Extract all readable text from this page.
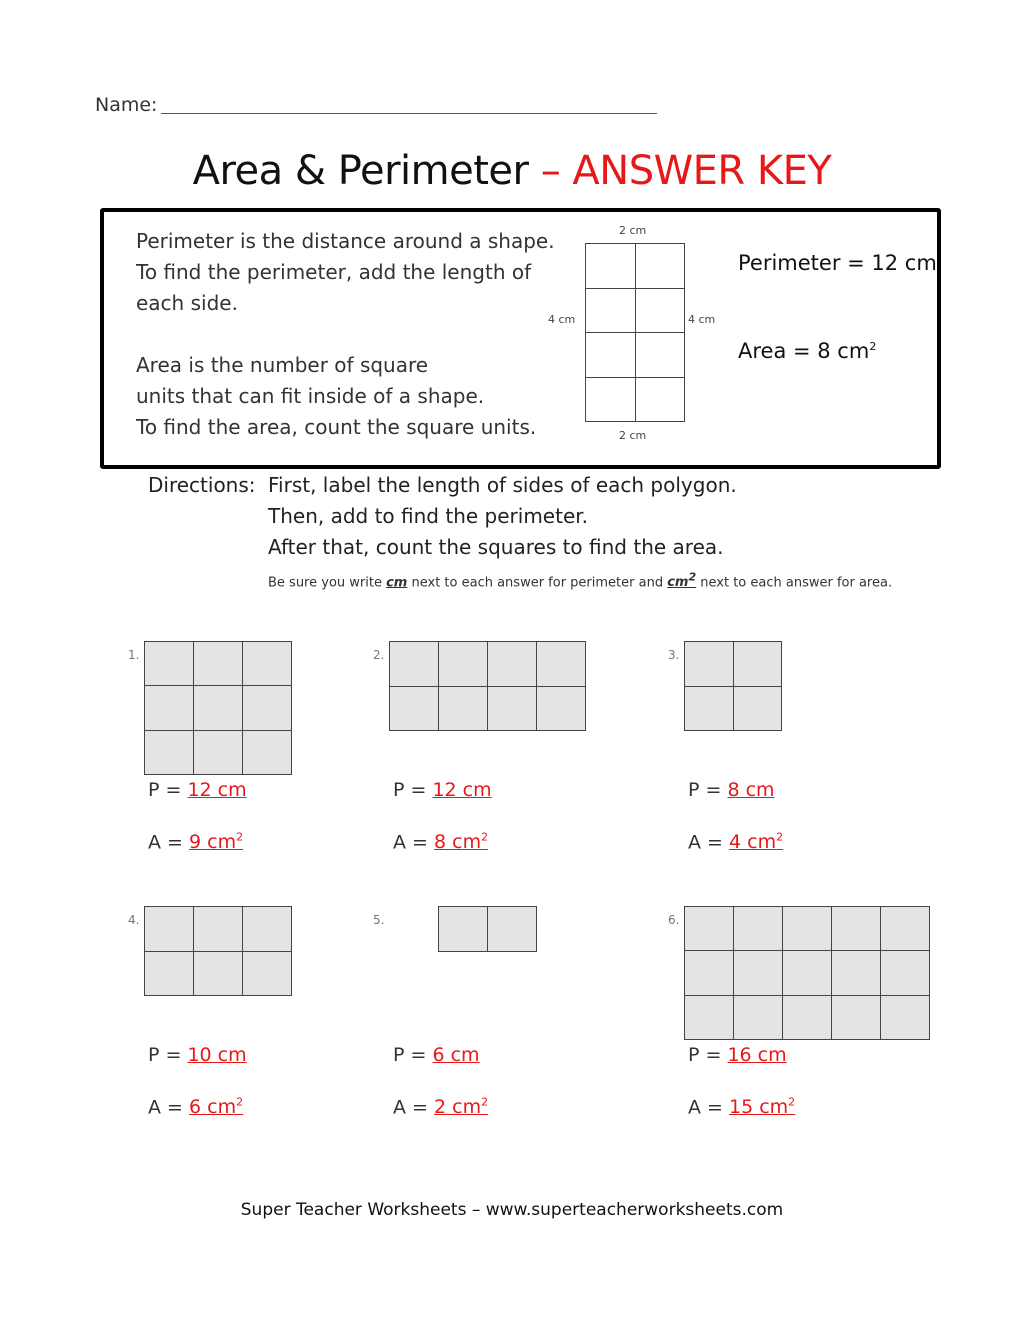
Name:
Area & Perimeter – ANSWER KEY
Perimeter is the distance around a shape.
To find the perimeter, add the length of
each side.
Area is the number of square
units that can fit inside of a shape.
To find the area, count the square units.
2 cm
2 cm
4 cm	4 cm
Perimeter = 12 cm
Area = 8 $cm^2$
Directions: First, label the length of sides of each polygon.
Then, add to find the perimeter.
After that, count the squares to find the area.
Be sure you write cm next to each answer for perimeter and $cm^2$ next to each answer for area.
1.
P = 12 cm
A = 9 $cm^2$
2.
P = 12 cm
A = 8 $cm^2$
3.
P = 8 cm
A = 4 $cm^2$
4.
P = 10 cm
A = 6 $cm^2$
5.
P = 6 cm
A = 2 $cm^2$
6.
P = 16 cm
A = 15 $cm^2$
Super Teacher Worksheets – www.superteacherworksheets.com
